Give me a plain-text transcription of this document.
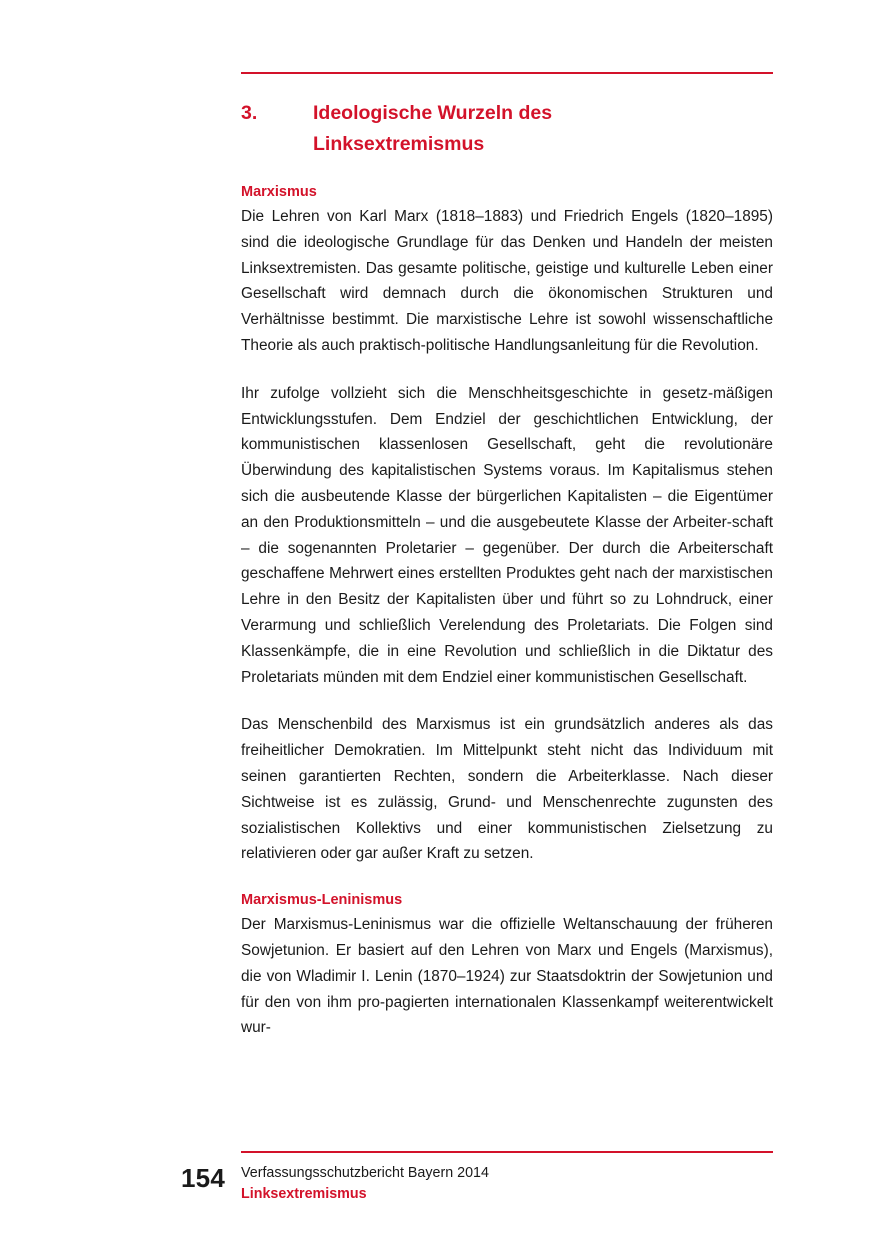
3.	Ideologische Wurzeln des
Linksextremismus
Marxismus

Die Lehren von Karl Marx (1818–1883) und Friedrich Engels (1820–1895) sind die ideologische Grundlage für das Denken und Handeln der meisten Linksextremisten. Das gesamte politische, geistige und kulturelle Leben einer Gesellschaft wird demnach durch die ökonomischen Strukturen und Verhältnisse bestimmt. Die marxistische Lehre ist sowohl wissenschaftliche Theorie als auch praktisch-politische Handlungsanleitung für die Revolution.

Ihr zufolge vollzieht sich die Menschheitsgeschichte in gesetz-mäßigen Entwicklungsstufen. Dem Endziel der geschichtlichen Entwicklung, der kommunistischen klassenlosen Gesellschaft, geht die revolutionäre Überwindung des kapitalistischen Systems voraus. Im Kapitalismus stehen sich die ausbeutende Klasse der bürgerlichen Kapitalisten – die Eigentümer an den Produktionsmitteln – und die ausgebeutete Klasse der Arbeiter-schaft – die sogenannten Proletarier – gegenüber. Der durch die Arbeiterschaft geschaffene Mehrwert eines erstellten Produktes geht nach der marxistischen Lehre in den Besitz der Kapitalisten über und führt so zu Lohndruck, einer Verarmung und schließlich Verelendung des Proletariats. Die Folgen sind Klassenkämpfe, die in eine Revolution und schließlich in die Diktatur des Proletariats münden mit dem Endziel einer kommunistischen Gesellschaft.

Das Menschenbild des Marxismus ist ein grundsätzlich anderes als das freiheitlicher Demokratien. Im Mittelpunkt steht nicht das Individuum mit seinen garantierten Rechten, sondern die Arbeiterklasse. Nach dieser Sichtweise ist es zulässig, Grund- und Menschenrechte zugunsten des sozialistischen Kollektivs und einer kommunistischen Zielsetzung zu relativieren oder gar außer Kraft zu setzen.

Marxismus-Leninismus

Der Marxismus-Leninismus war die offizielle Weltanschauung der früheren Sowjetunion. Er basiert auf den Lehren von Marx und Engels (Marxismus), die von Wladimir I. Lenin (1870–1924) zur Staatsdoktrin der Sowjetunion und für den von ihm pro-pagierten internationalen Klassenkampf weiterentwickelt wur-

154 Verfassungsschutzbericht Bayern 2014
Linksextremismus
